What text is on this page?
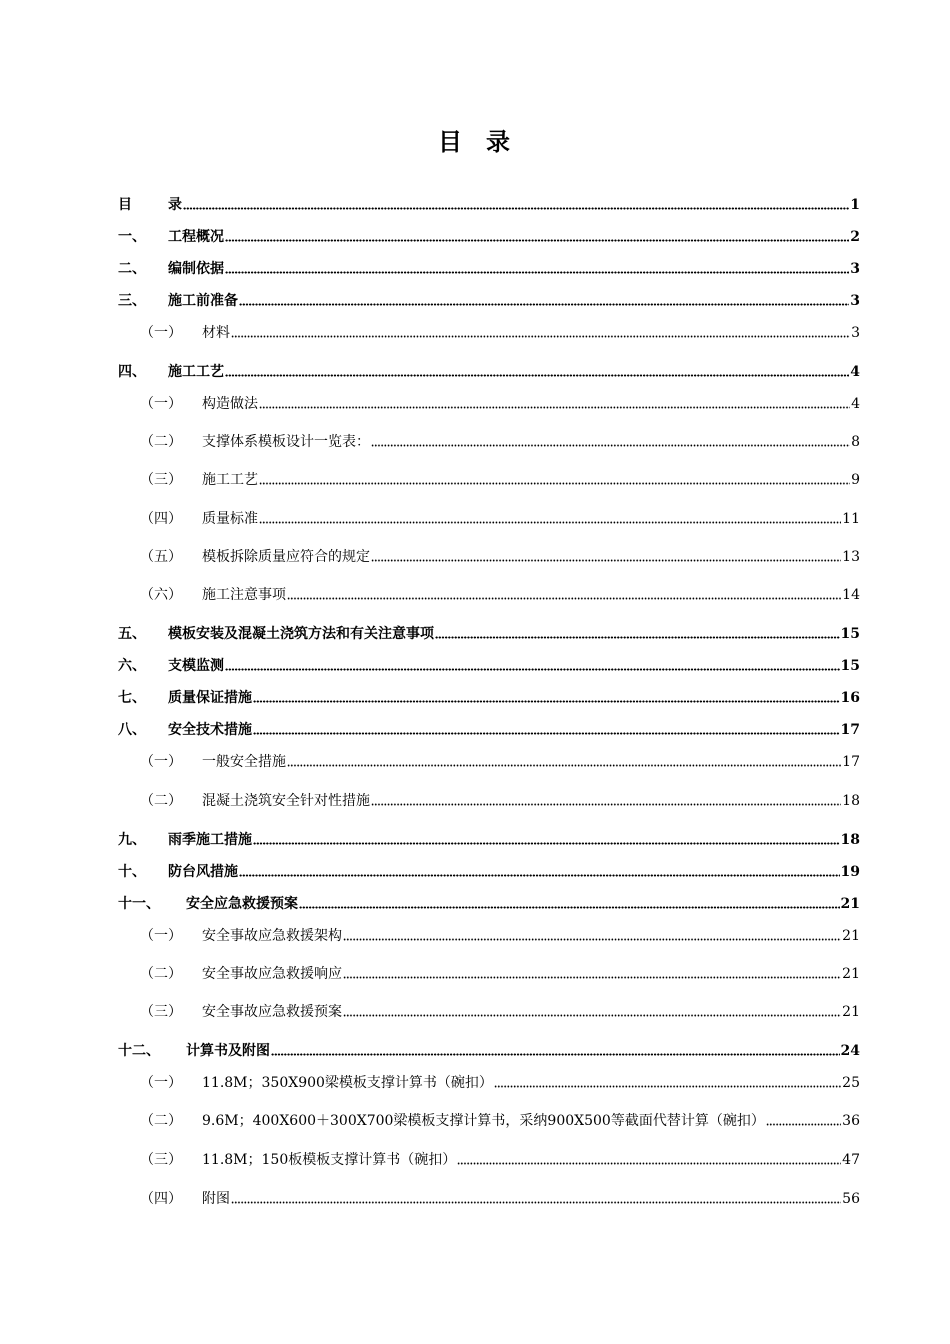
目 录
目	录	1
一、	工程概况	2
二、	编制依据	3
三、	施工前准备	3
（一）	材料	3
四、	施工工艺	4
（一）	构造做法	4
（二）	支撑体系模板设计一览表：	8
（三）	施工工艺	9
（四）	质量标准	11
（五）	模板拆除质量应符合的规定	13
（六）	施工注意事项	14
五、	模板安装及混凝土浇筑方法和有关注意事项	15
六、	支模监测	15
七、	质量保证措施	16
八、	安全技术措施	17
（一）	一般安全措施	17
（二）	混凝土浇筑安全针对性措施	18
九、	雨季施工措施	18
十、	防台风措施	19
十一、	安全应急救援预案	21
（一）	安全事故应急救援架构	21
（二）	安全事故应急救援响应	21
（三）	安全事故应急救援预案	21
十二、	计算书及附图	24
（一）	11.8M；350X900梁模板支撑计算书（碗扣）	25
（二）	9.6M；400X600＋300X700梁模板支撑计算书，采纳900X500等截面代替计算（碗扣）	36
（三）	11.8M；150板模板支撑计算书（碗扣）	47
（四）	附图	56
